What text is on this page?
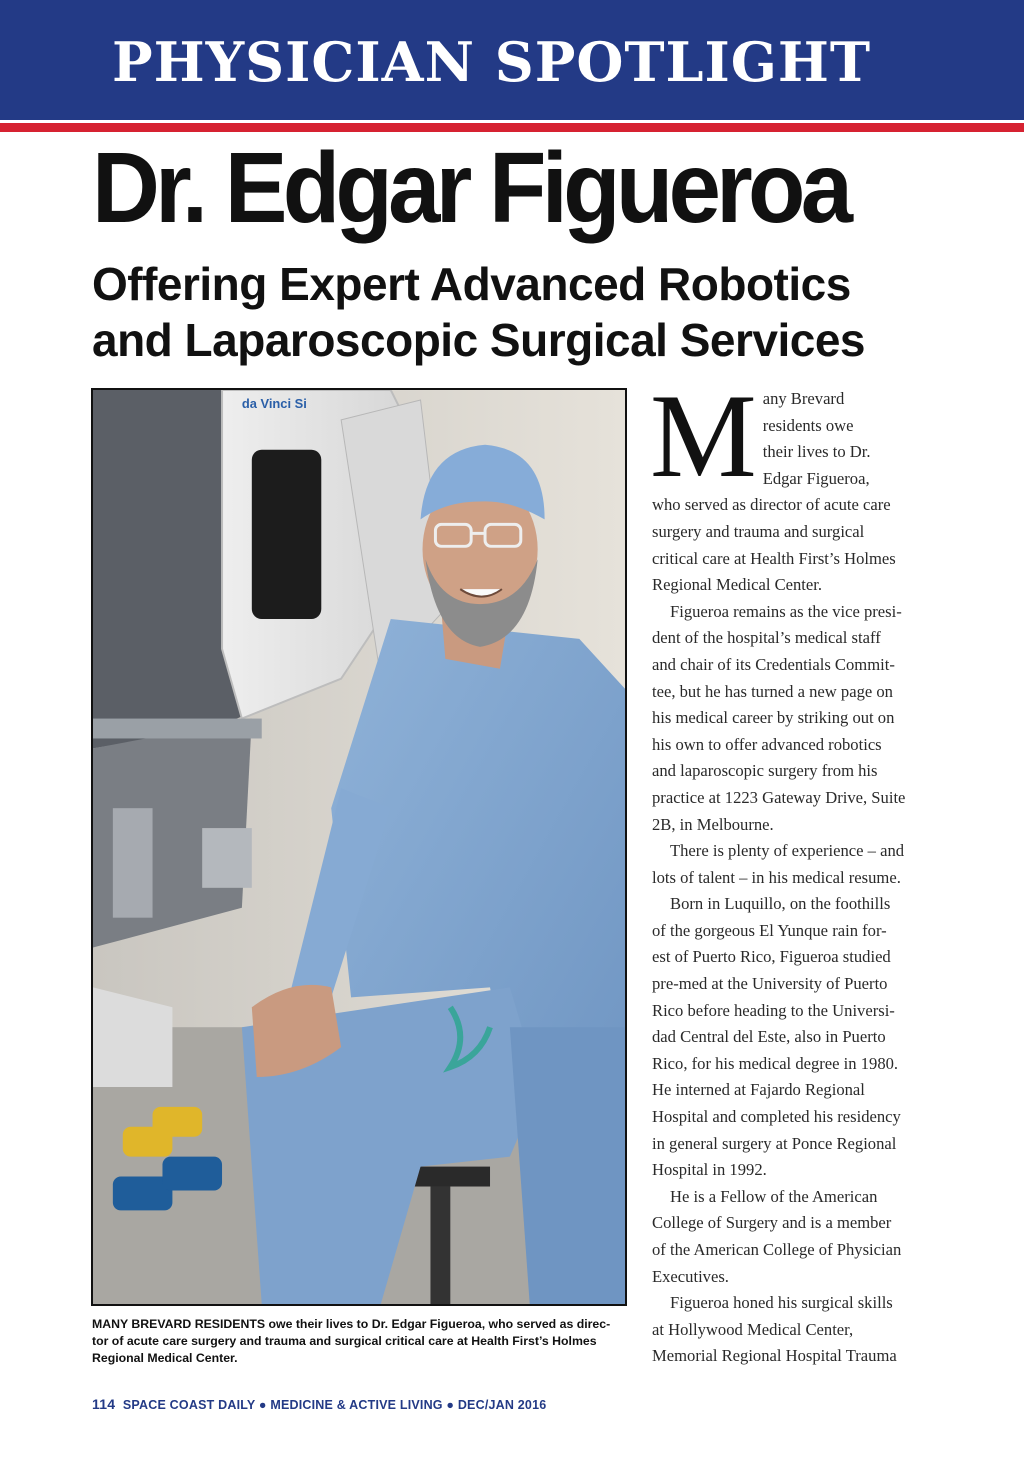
PHYSICIAN SPOTLIGHT
Dr. Edgar Figueroa
Offering Expert Advanced Robotics
and Laparoscopic Surgical Services
da Vinci Si
MANY BREVARD RESIDENTS owe their lives to Dr. Edgar Figueroa, who served as direc-
tor of acute care surgery and trauma and surgical critical care at Health First’s Holmes
Regional Medical Center.
114 SPACE COAST DAILY ● MEDICINE & ACTIVE LIVING ● DEC/JAN 2016

M any Brevard
residents owe
their lives to Dr.
Edgar Figueroa,
who served as director of acute care
surgery and trauma and surgical
critical care at Health First’s Holmes
Regional Medical Center.

Figueroa remains as the vice presi-
dent of the hospital’s medical staff
and chair of its Credentials Commit-
tee, but he has turned a new page on
his medical career by striking out on
his own to offer advanced robotics
and laparoscopic surgery from his
practice at 1223 Gateway Drive, Suite
2B, in Melbourne.

There is plenty of experience – and
lots of talent – in his medical resume.

Born in Luquillo, on the foothills
of the gorgeous El Yunque rain for-
est of Puerto Rico, Figueroa studied
pre-med at the University of Puerto
Rico before heading to the Universi-
dad Central del Este, also in Puerto
Rico, for his medical degree in 1980.
He interned at Fajardo Regional
Hospital and completed his residency
in general surgery at Ponce Regional
Hospital in 1992.

He is a Fellow of the American
College of Surgery and is a member
of the American College of Physician
Executives.

Figueroa honed his surgical skills
at Hollywood Medical Center,
Memorial Regional Hospital Trauma
